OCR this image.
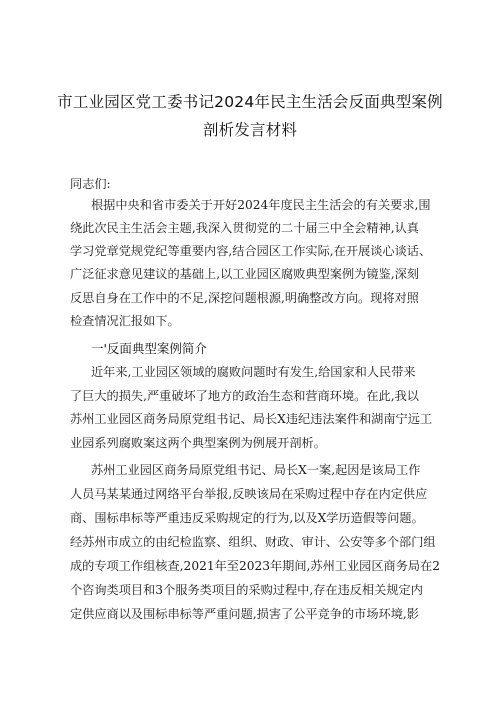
市工业园区党工委书记2024年民主生活会反面典型案例
剖析发言材料
同志们:
根据中央和省市委关于开好2024年度民主生活会的有关要求,围
绕此次民主生活会主题,我深入贯彻党的二十届三中全会精神,认真
学习党章党规党纪等重要内容,结合园区工作实际,在开展谈心谈话、
广泛征求意见建议的基础上,以工业园区腐败典型案例为镜鉴,深刻
反思自身在工作中的不足,深挖问题根源,明确整改方向。现将对照
检查情况汇报如下。
一'反面典型案例简介
近年来,工业园区领域的腐败问题时有发生,给国家和人民带来
了巨大的损失,严重破坏了地方的政治生态和营商环境。在此,我以
苏州工业园区商务局原党组书记、局长X违纪违法案件和湖南宁远工
业园系列腐败案这两个典型案例为例展开剖析。
苏州工业园区商务局原党组书记、局长X一案,起因是该局工作
人员马某某通过网络平台举报,反映该局在采购过程中存在内定供应
商、围标串标等严重违反采购规定的行为,以及X学历造假等问题。
经苏州市成立的由纪检监察、组织、财政、审计、公安等多个部门组
成的专项工作组核查,2021年至2023年期间,苏州工业园区商务局在2
个咨询类项目和3个服务类项目的采购过程中,存在违反相关规定内
定供应商以及围标串标等严重问题,损害了公平竞争的市场环境,影
